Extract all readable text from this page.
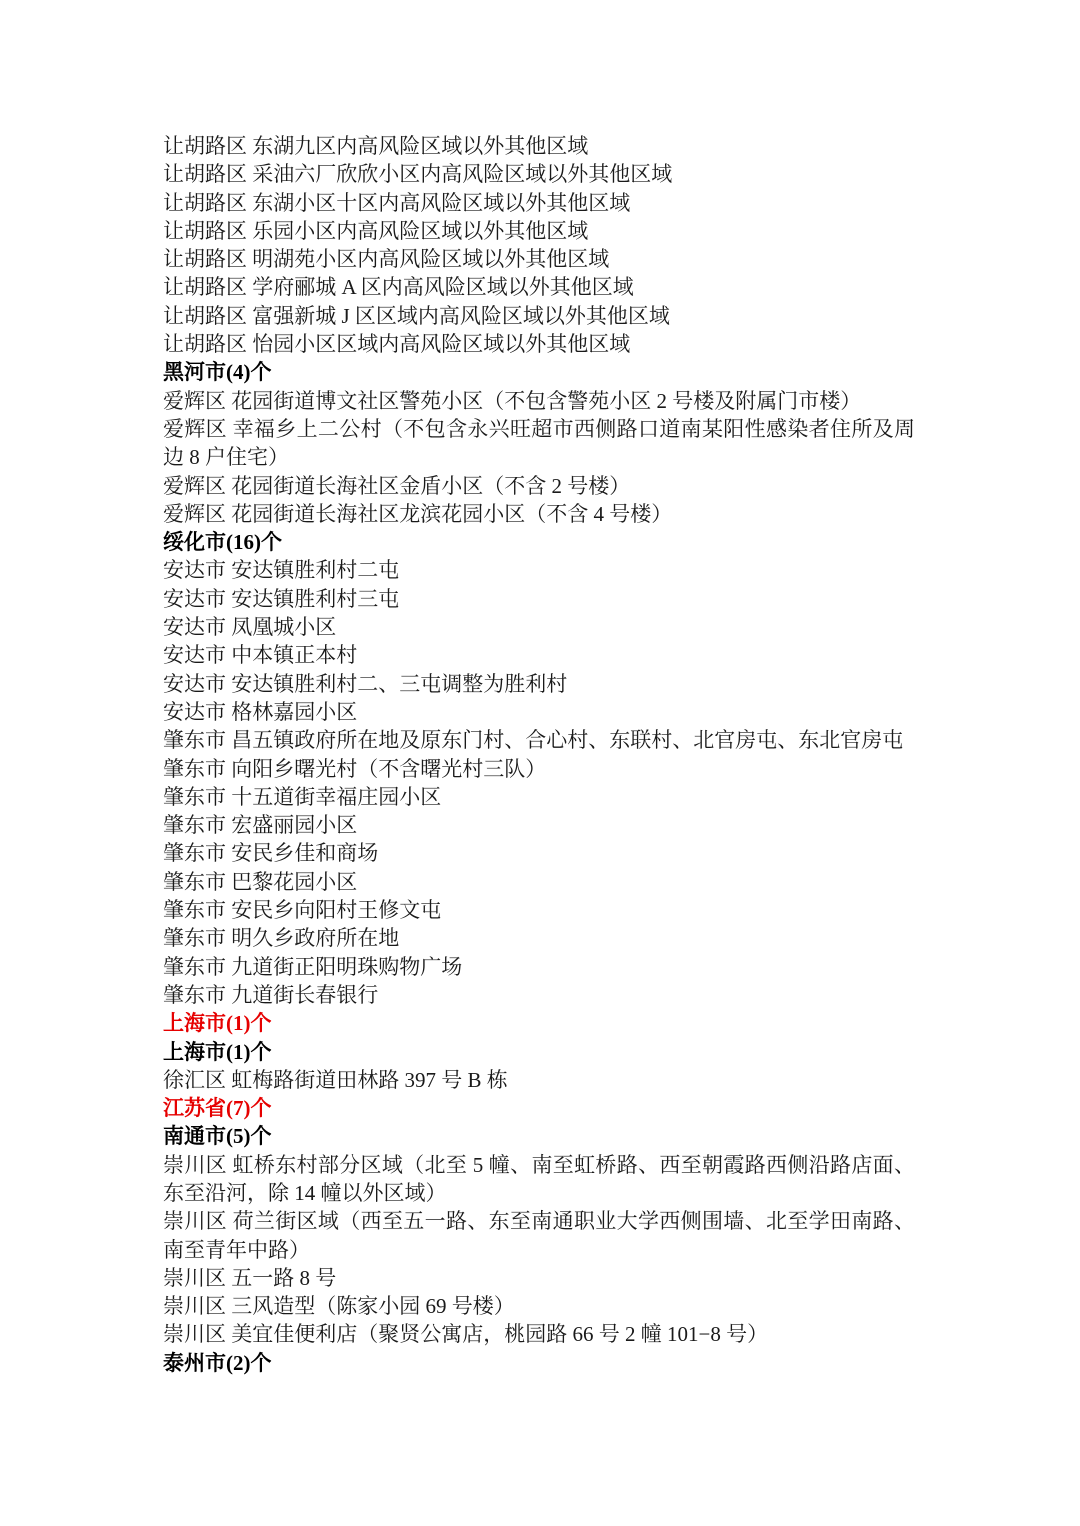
让胡路区 东湖九区内高风险区域以外其他区域

让胡路区 采油六厂欣欣小区内高风险区域以外其他区域

让胡路区 东湖小区十区内高风险区域以外其他区域

让胡路区 乐园小区内高风险区域以外其他区域

让胡路区 明湖苑小区内高风险区域以外其他区域

让胡路区 学府郦城 A 区内高风险区域以外其他区域

让胡路区 富强新城 J 区区域内高风险区域以外其他区域

让胡路区 怡园小区区域内高风险区域以外其他区域

黑河市(4)个

爱辉区 花园街道博文社区警苑小区（不包含警苑小区 2 号楼及附属门市楼）

爱辉区 幸福乡上二公村（不包含永兴旺超市西侧路口道南某阳性感染者住所及周边 8 户住宅）

爱辉区 花园街道长海社区金盾小区（不含 2 号楼）

爱辉区 花园街道长海社区龙滨花园小区（不含 4 号楼）

绥化市(16)个

安达市 安达镇胜利村二屯

安达市 安达镇胜利村三屯

安达市 凤凰城小区

安达市 中本镇正本村

安达市 安达镇胜利村二、三屯调整为胜利村

安达市 格林嘉园小区

肇东市 昌五镇政府所在地及原东门村、合心村、东联村、北官房屯、东北官房屯

肇东市 向阳乡曙光村（不含曙光村三队）

肇东市 十五道街幸福庄园小区

肇东市 宏盛丽园小区

肇东市 安民乡佳和商场

肇东市 巴黎花园小区

肇东市 安民乡向阳村王修文屯

肇东市 明久乡政府所在地

肇东市 九道街正阳明珠购物广场

肇东市 九道街长春银行

上海市(1)个

上海市(1)个

徐汇区 虹梅路街道田林路 397 号 B 栋

江苏省(7)个

南通市(5)个

崇川区 虹桥东村部分区域（北至 5 幢、南至虹桥路、西至朝霞路西侧沿路店面、东至沿河，除 14 幢以外区域）

崇川区 荷兰街区域（西至五一路、东至南通职业大学西侧围墙、北至学田南路、南至青年中路）

崇川区 五一路 8 号

崇川区 三风造型（陈家小园 69 号楼）

崇川区 美宜佳便利店（聚贤公寓店，桃园路 66 号 2 幢 101−8 号）

泰州市(2)个
